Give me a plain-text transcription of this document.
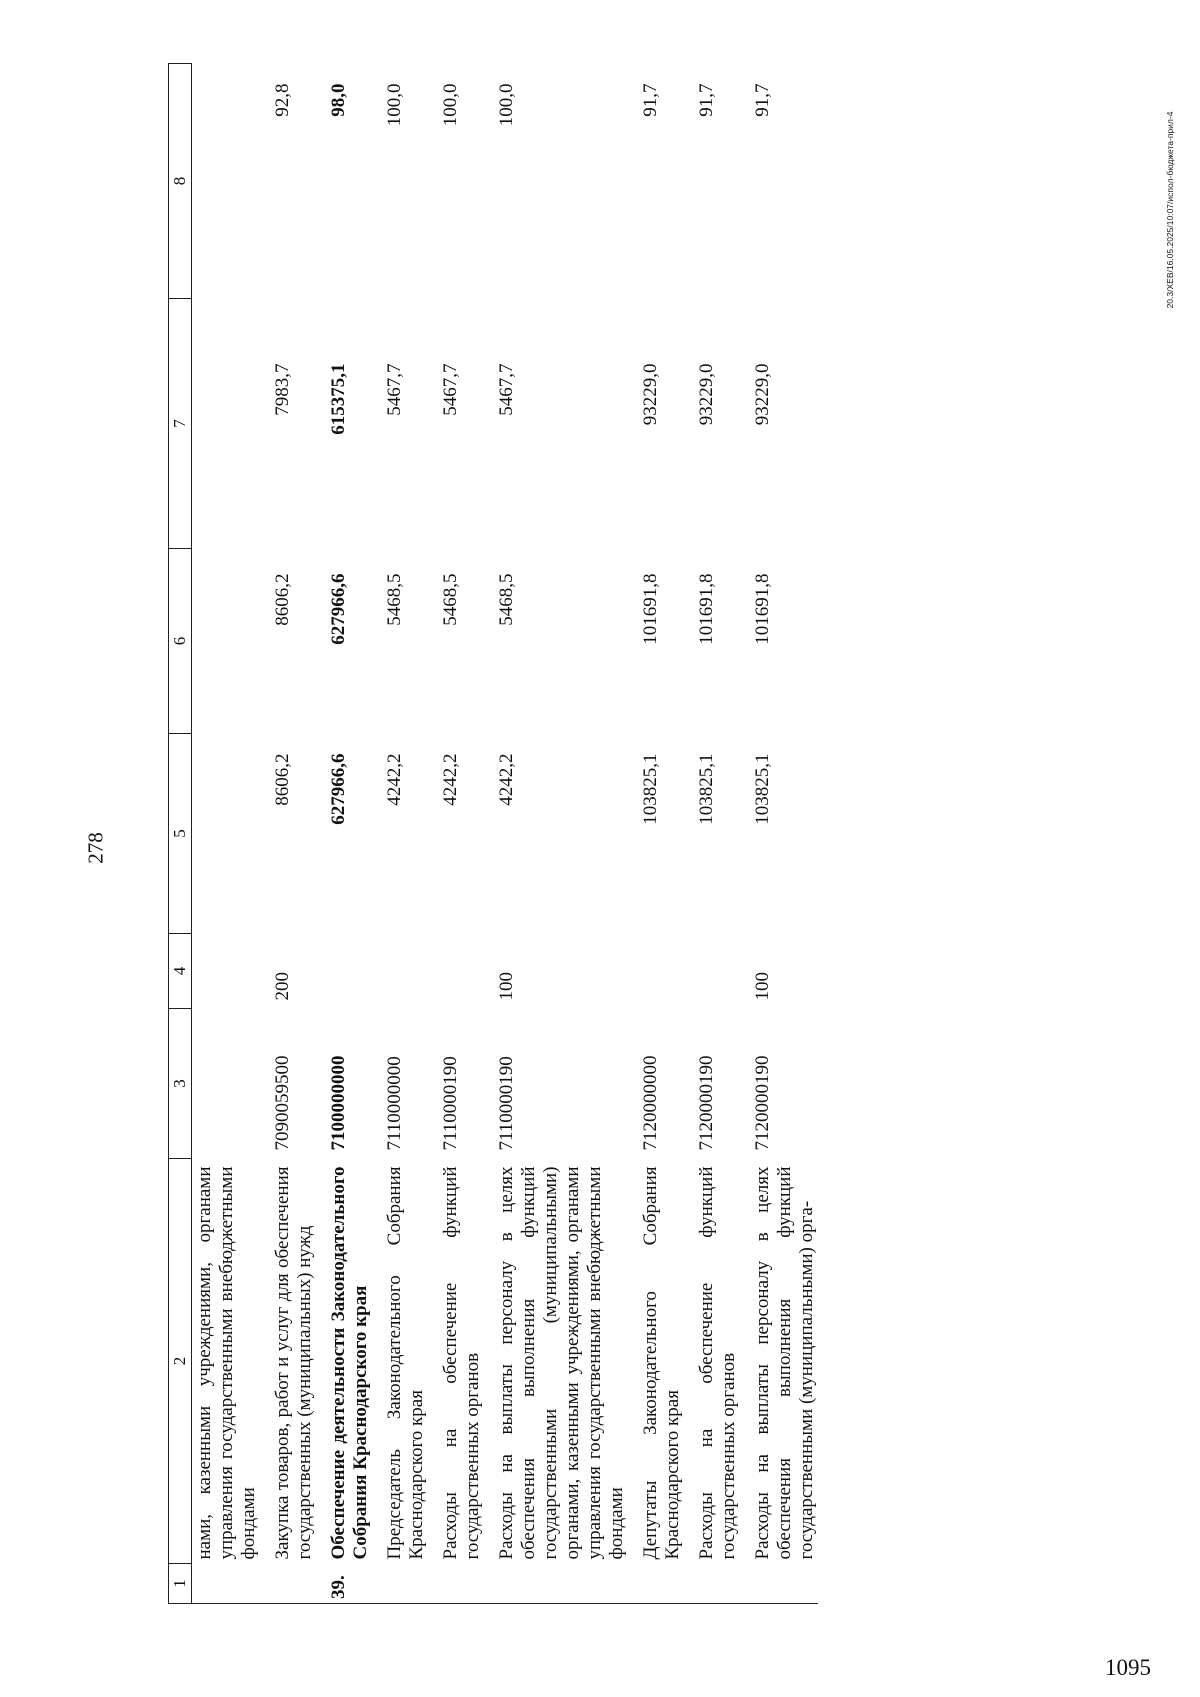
278
1	2	3	4	5	6	7	8
	нами, казенными учреждениями, органами управления государственными внебюджетными фондами						
	Закупка товаров, работ и услуг для обеспечения государственных (муниципальных) нужд	7090059500	200	8606,2	8606,2	7983,7	92,8
39.	Обеспечение деятельности Законодательного Собрания Краснодарского края	7100000000		627966,6	627966,6	615375,1	98,0
	Председатель Законодательного Собрания Краснодарского края	7110000000		4242,2	5468,5	5467,7	100,0
	Расходы на обеспечение функций государственных органов	7110000190		4242,2	5468,5	5467,7	100,0
	Расходы на выплаты персоналу в целях обеспечения выполнения функций государственными (муниципальными) органами, казенными учреждениями, органами управления государственными внебюджетными фондами	7110000190	100	4242,2	5468,5	5467,7	100,0
	Депутаты Законодательного Собрания Краснодарского края	7120000000		103825,1	101691,8	93229,0	91,7
	Расходы на обеспечение функций государственных органов	7120000190		103825,1	101691,8	93229,0	91,7
	Расходы на выплаты персоналу в целях обеспечения выполнения функций государственными (муниципальными) орга-	7120000190	100	103825,1	101691,8	93229,0	91,7
20.3/XEB/16.05.2025/10:07/испол-бюджета-прил-4
1095
